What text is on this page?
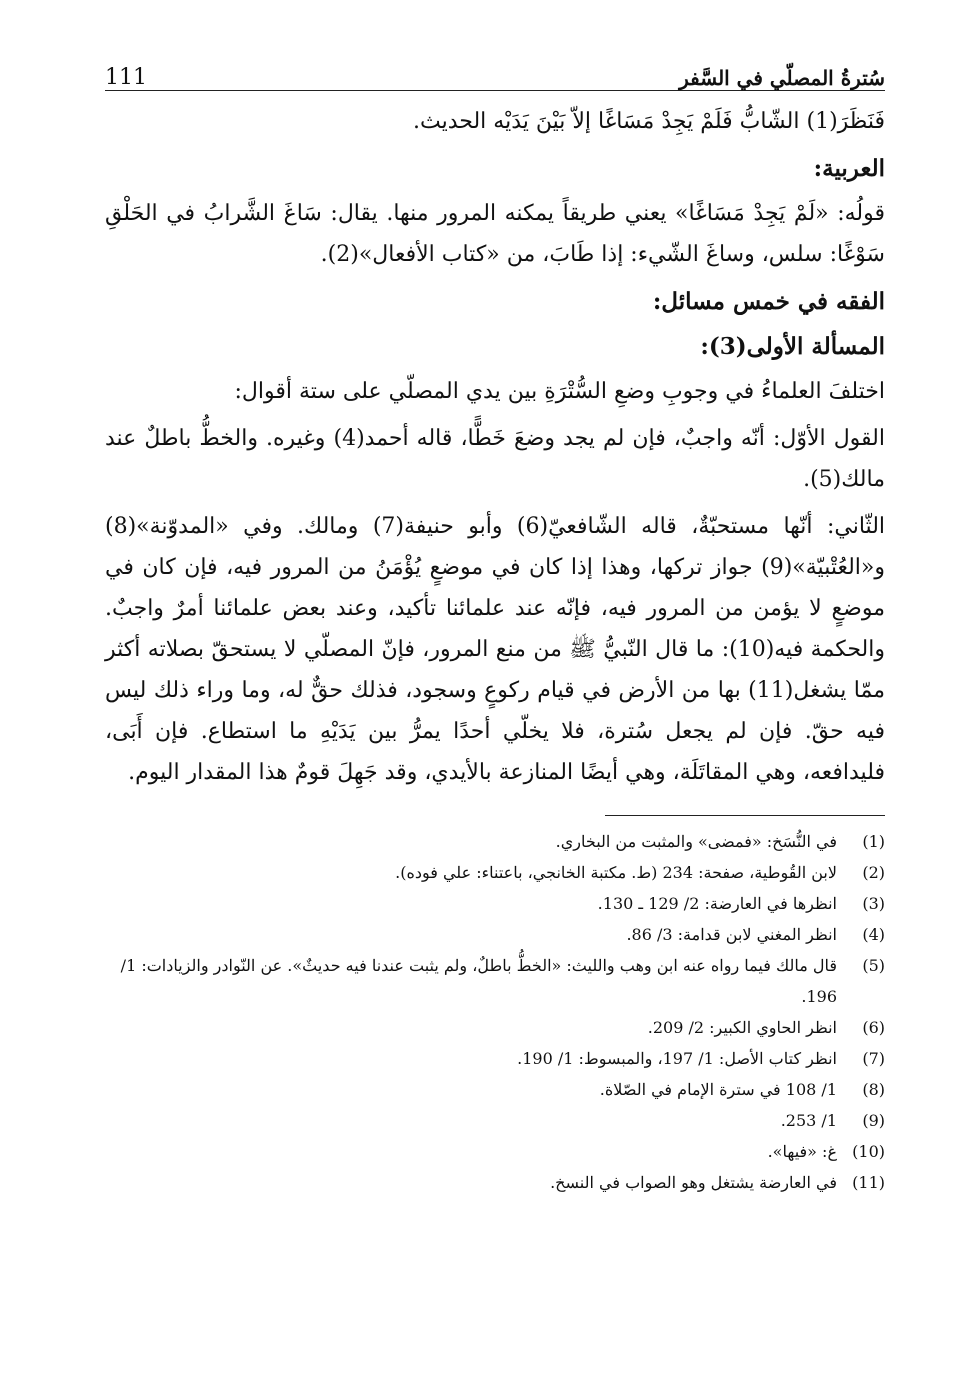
سُترةُ المصلّي في السَّفر
111

فَنَظَرَ(1) الشّابُّ فَلَمْ يَجِدْ مَسَاغًا إلاّ بَيْنَ يَدَيْه الحديث.

العربية:

قولُه: «لَمْ يَجِدْ مَسَاغًا» يعني طريقاً يمكنه المرور منها. يقال: سَاغَ الشَّرابُ في الحَلْقِ سَوْغًا: سلس، وساغَ الشّيء: إذا طَابَ، من «كتاب الأفعال»(2).

الفقه في خمس مسائل:
المسألة الأولى(3):

اختلفَ العلماءُ في وجوبِ وضعِ السُّتْرَةِ بين يدي المصلّي على ستة أقوال:

القول الأوّل: أنّه واجبٌ، فإن لم يجد وضعَ خَطًّا، قاله أحمد(4) وغيره. والخطُّ باطلٌ عند مالك(5).

الثّاني: أنّها مستحبّةٌ، قاله الشّافعيّ(6) وأبو حنيفة(7) ومالك. وفي «المدوّنة»(8) و«العُتْبيّة»(9) جواز تركها، وهذا إذا كان في موضعٍ يُؤْمَنُ من المرور فيه، فإن كان في موضعٍ لا يؤمن من المرور فيه، فإنّه عند علمائنا تأكيد، وعند بعض علمائنا أمرٌ واجبٌ. والحكمة فيه(10): ما قال النّبيُّ ﷺ من منع المرور، فإنّ المصلّي لا يستحقّ بصلاته أكثر ممّا يشغل(11) بها من الأرض في قيام ركوعٍ وسجود، فذلك حقٌّ له، وما وراء ذلك ليس فيه حقّ. فإن لم يجعل سُترة، فلا يخلّي أحدًا يمرُّ بين يَدَيْهِ ما استطاع. فإن أَبَى، فليدافعه، وهي المقاتَلَة، وهي أيضًا المنازعة بالأيدي، وقد جَهِلَ قومٌ هذا المقدار اليوم.

(1)
في النُّسَخ: «فمضى» والمثبت من البخاري.
(2)
لابن القُوطية، صفحة: 234 (ط. مكتبة الخانجي، باعتناء: علي فوده).
(3)
انظرها في العارضة: 2/ 129 ـ 130.
(4)
انظر المغني لابن قدامة: 3/ 86.
(5)
قال مالك فيما رواه عنه ابن وهب والليث: «الخطُّ باطلٌ، ولم يثبت عندنا فيه حديثٌ». عن النّوادر والزيادات: 1/ 196.
(6)
انظر الحاوي الكبير: 2/ 209.
(7)
انظر كتاب الأصل: 1/ 197، والمبسوط: 1/ 190.
(8)
1/ 108 في سترة الإمام في الصّلاة.
(9)
1/ 253.
(10)
غ: «فيها».
(11)
في العارضة يشتغل وهو الصواب في النسخ.
